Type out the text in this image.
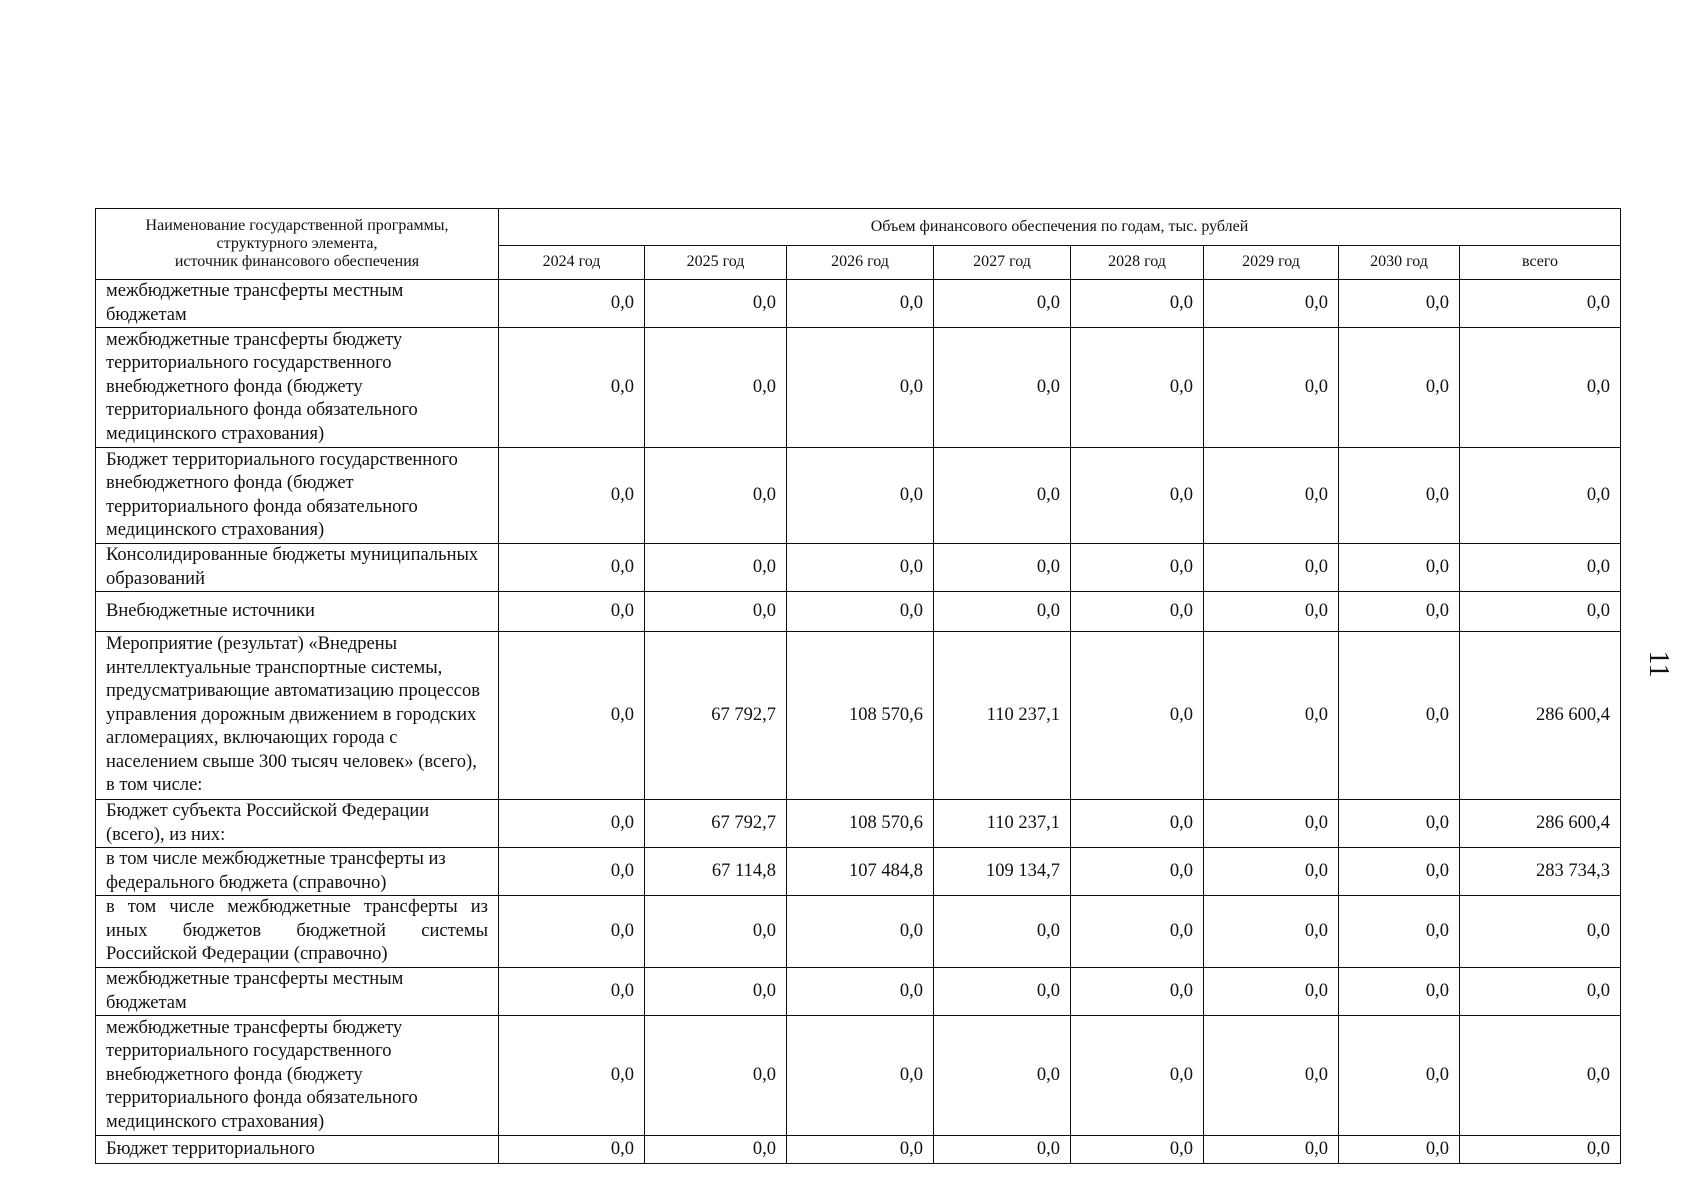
11
Наименование государственной программы,
структурного элемента,
источник финансового обеспечения	Объем финансового обеспечения по годам, тыс. рублей							
	2024 год	2025 год	2026 год	2027 год	2028 год	2029 год	2030 год	всего
межбюджетные трансферты местным бюджетам	0,0	0,0	0,0	0,0	0,0	0,0	0,0	0,0
межбюджетные трансферты бюджету территориального государственного внебюджетного фонда (бюджету территориального фонда обязательного медицинского страхования)	0,0	0,0	0,0	0,0	0,0	0,0	0,0	0,0
Бюджет территориального государственного внебюджетного фонда (бюджет территориального фонда обязательного медицинского страхования)	0,0	0,0	0,0	0,0	0,0	0,0	0,0	0,0
Консолидированные бюджеты муниципальных образований	0,0	0,0	0,0	0,0	0,0	0,0	0,0	0,0
Внебюджетные источники	0,0	0,0	0,0	0,0	0,0	0,0	0,0	0,0
Мероприятие (результат) «Внедрены интеллектуальные транспортные системы, предусматривающие автоматизацию процессов управления дорожным движением в городских агломерациях, включающих города с населением свыше 300 тысяч человек» (всего), в том числе:	0,0	67 792,7	108 570,6	110 237,1	0,0	0,0	0,0	286 600,4
Бюджет субъекта Российской Федерации (всего), из них:	0,0	67 792,7	108 570,6	110 237,1	0,0	0,0	0,0	286 600,4
в том числе межбюджетные трансферты из федерального бюджета (справочно)	0,0	67 114,8	107 484,8	109 134,7	0,0	0,0	0,0	283 734,3
в том числе межбюджетные трансферты из иных бюджетов бюджетной системы Российской Федерации (справочно)	0,0	0,0	0,0	0,0	0,0	0,0	0,0	0,0
межбюджетные трансферты местным бюджетам	0,0	0,0	0,0	0,0	0,0	0,0	0,0	0,0
межбюджетные трансферты бюджету территориального государственного внебюджетного фонда (бюджету территориального фонда обязательного медицинского страхования)	0,0	0,0	0,0	0,0	0,0	0,0	0,0	0,0
Бюджет территориального	0,0	0,0	0,0	0,0	0,0	0,0	0,0	0,0
